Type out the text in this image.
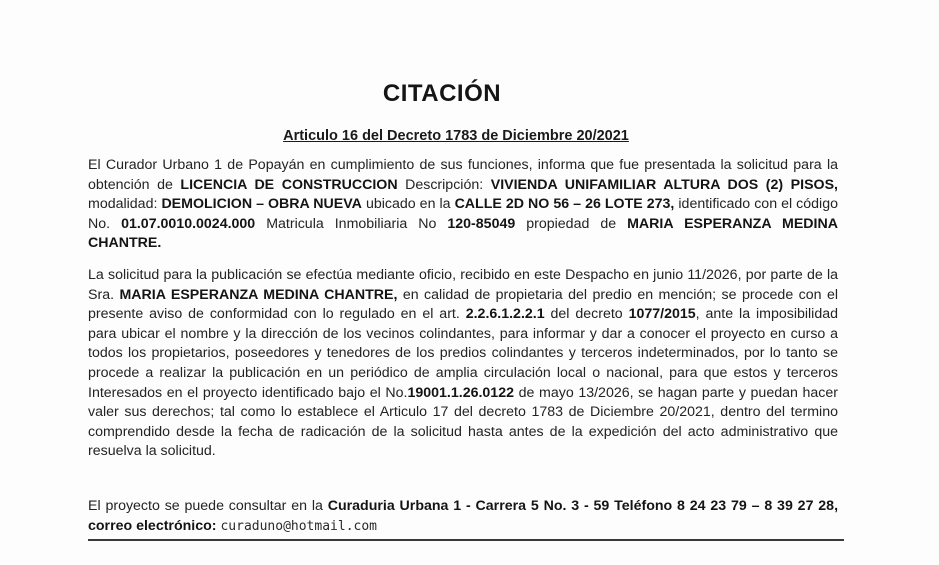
CITACIÓN
Articulo 16 del Decreto 1783 de Diciembre 20/2021
El Curador Urbano 1 de Popayán en cumplimiento de sus funciones, informa que fue presentada la solicitud para la obtención de LICENCIA DE CONSTRUCCION Descripción: VIVIENDA UNIFAMILIAR ALTURA DOS (2) PISOS, modalidad: DEMOLICION – OBRA NUEVA ubicado en la CALLE 2D NO 56 – 26 LOTE 273, identificado con el código No. 01.07.0010.0024.000 Matricula Inmobiliaria No 120-85049 propiedad de MARIA ESPERANZA MEDINA CHANTRE.
La solicitud para la publicación se efectúa mediante oficio, recibido en este Despacho en junio 11/2026, por parte de la Sra. MARIA ESPERANZA MEDINA CHANTRE, en calidad de propietaria del predio en mención; se procede con el presente aviso de conformidad con lo regulado en el art. 2.2.6.1.2.2.1 del decreto 1077/2015, ante la imposibilidad para ubicar el nombre y la dirección de los vecinos colindantes, para informar y dar a conocer el proyecto en curso a todos los propietarios, poseedores y tenedores de los predios colindantes y terceros indeterminados, por lo tanto se procede a realizar la publicación en un periódico de amplia circulación local o nacional, para que estos y terceros Interesados en el proyecto identificado bajo el No.19001.1.26.0122 de mayo 13/2026, se hagan parte y puedan hacer valer sus derechos; tal como lo establece el Articulo 17 del decreto 1783 de Diciembre 20/2021, dentro del termino comprendido desde la fecha de radicación de la solicitud hasta antes de la expedición del acto administrativo que resuelva la solicitud.
El proyecto se puede consultar en la Curaduria Urbana 1 - Carrera 5 No. 3 - 59 Teléfono 8 24 23 79 – 8 39 27 28, correo electrónico: curaduno@hotmail.com
